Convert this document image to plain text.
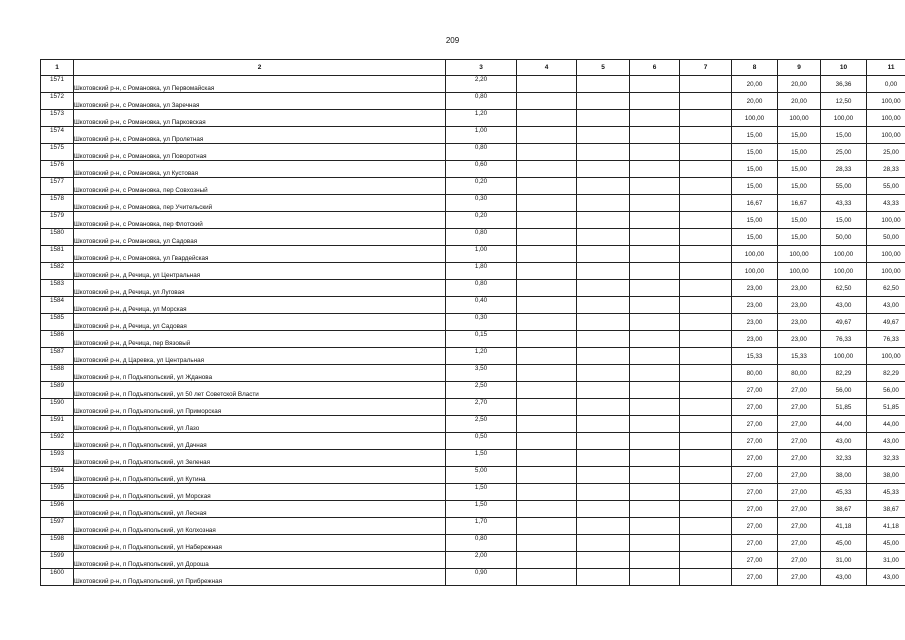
209
1	2	3	4	5	6	7	8	9	10	11
1571	Шкотовский р-н, с Романовка, ул Первомайская	2,20					20,00	20,00	36,36	0,00
1572	Шкотовский р-н, с Романовка, ул Заречная	0,80					20,00	20,00	12,50	100,00
1573	Шкотовский р-н, с Романовка, ул Парковская	1,20					100,00	100,00	100,00	100,00
1574	Шкотовский р-н, с Романовка, ул Пролетная	1,00					15,00	15,00	15,00	100,00
1575	Шкотовский р-н, с Романовка, ул Поворотная	0,80					15,00	15,00	25,00	25,00
1576	Шкотовский р-н, с Романовка, ул Кустовая	0,60					15,00	15,00	28,33	28,33
1577	Шкотовский р-н, с Романовка, пер Совхозный	0,20					15,00	15,00	55,00	55,00
1578	Шкотовский р-н, с Романовка, пер Учительский	0,30					16,67	16,67	43,33	43,33
1579	Шкотовский р-н, с Романовка, пер Флотский	0,20					15,00	15,00	15,00	100,00
1580	Шкотовский р-н, с Романовка, ул Садовая	0,80					15,00	15,00	50,00	50,00
1581	Шкотовский р-н, с Романовка, ул Гвардейская	1,00					100,00	100,00	100,00	100,00
1582	Шкотовский р-н, д Речица, ул Центральная	1,80					100,00	100,00	100,00	100,00
1583	Шкотовский р-н, д Речица, ул Луговая	0,80					23,00	23,00	62,50	62,50
1584	Шкотовский р-н, д Речица, ул Морская	0,40					23,00	23,00	43,00	43,00
1585	Шкотовский р-н, д Речица, ул Садовая	0,30					23,00	23,00	49,67	49,67
1586	Шкотовский р-н, д Речица, пер Вязовый	0,15					23,00	23,00	76,33	76,33
1587	Шкотовский р-н, д Царевка, ул Центральная	1,20					15,33	15,33	100,00	100,00
1588	Шкотовский р-н, п Подъяпольский, ул Жданова	3,50					80,00	80,00	82,29	82,29
1589	Шкотовский р-н, п Подъяпольский, ул 50 лет Советской Власти	2,50					27,00	27,00	56,00	56,00
1590	Шкотовский р-н, п Подъяпольский, ул Приморская	2,70					27,00	27,00	51,85	51,85
1591	Шкотовский р-н, п Подъяпольский, ул Лазо	2,50					27,00	27,00	44,00	44,00
1592	Шкотовский р-н, п Подъяпольский, ул Дачная	0,50					27,00	27,00	43,00	43,00
1593	Шкотовский р-н, п Подъяпольский, ул Зеленая	1,50					27,00	27,00	32,33	32,33
1594	Шкотовский р-н, п Подъяпольский, ул Кутина	5,00					27,00	27,00	38,00	38,00
1595	Шкотовский р-н, п Подъяпольский, ул Морская	1,50					27,00	27,00	45,33	45,33
1596	Шкотовский р-н, п Подъяпольский, ул Лесная	1,50					27,00	27,00	38,67	38,67
1597	Шкотовский р-н, п Подъяпольский, ул Колхозная	1,70					27,00	27,00	41,18	41,18
1598	Шкотовский р-н, п Подъяпольский, ул Набережная	0,80					27,00	27,00	45,00	45,00
1599	Шкотовский р-н, п Подъяпольский, ул Дорошa	2,00					27,00	27,00	31,00	31,00
1600	Шкотовский р-н, п Подъяпольский, ул Прибрежная	0,90					27,00	27,00	43,00	43,00
